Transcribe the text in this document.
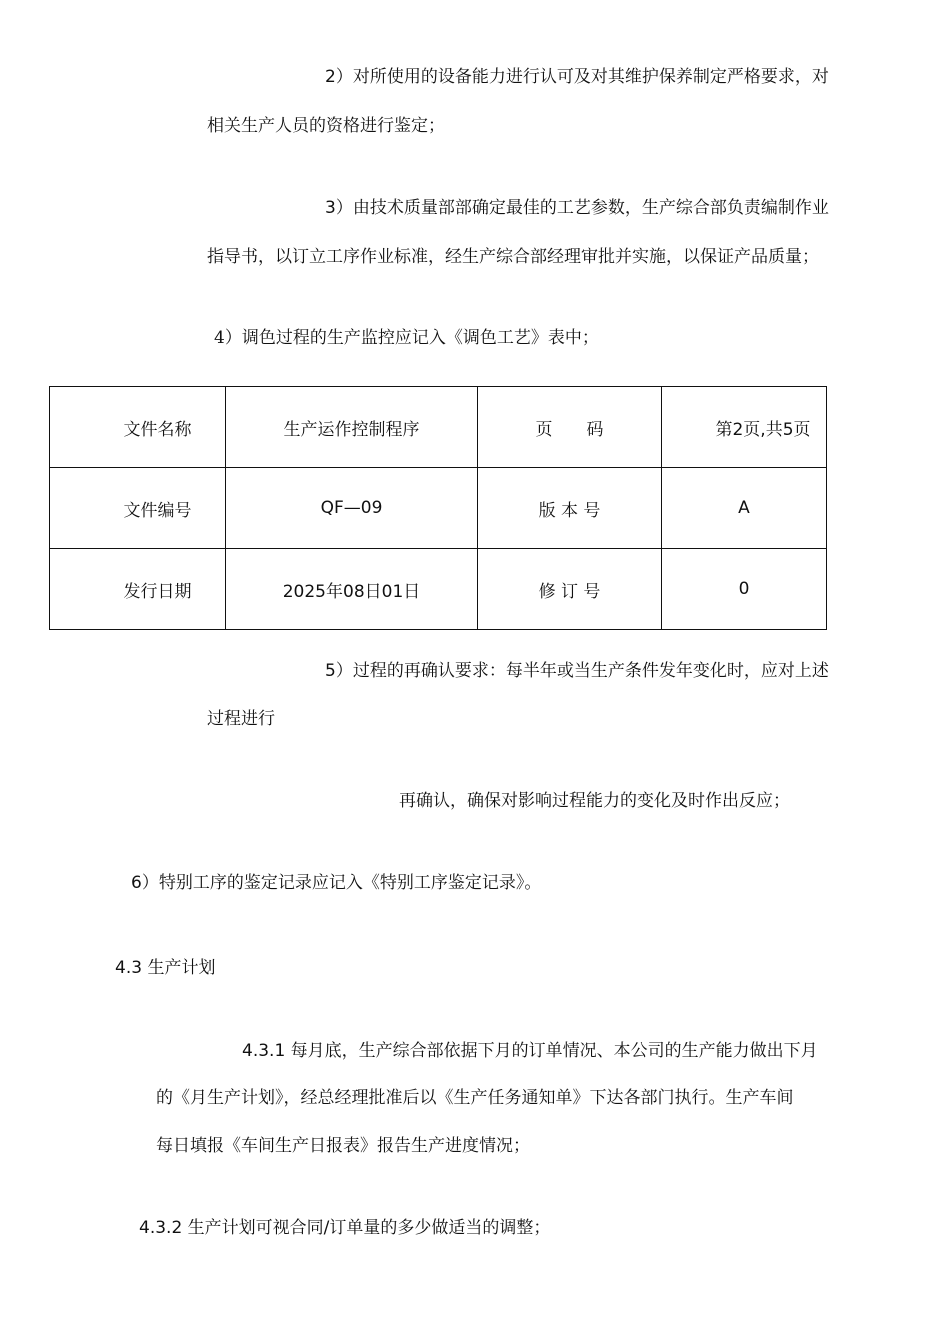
2）对所使用的设备能力进行认可及对其维护保养制定严格要求，对
相关生产人员的资格进行鉴定；
3）由技术质量部部确定最佳的工艺参数，生产综合部负责编制作业
指导书，以订立工序作业标准，经生产综合部经理审批并实施，以保证产品质量；
4）调色过程的生产监控应记入《调色工艺》表中；
文件名称	生产运作控制程序	页　　码	第2页,共5页
文件编号	QF—09	版 本 号	A
发行日期	2025年08日01日	修 订 号	0
5）过程的再确认要求：每半年或当生产条件发年变化时，应对上述
过程进行
再确认，确保对影响过程能力的变化及时作出反应；
6）特别工序的鉴定记录应记入《特别工序鉴定记录》。
4.3 生产计划
4.3.1 每月底，生产综合部依据下月的订单情况、本公司的生产能力做出下月
的《月生产计划》，经总经理批准后以《生产任务通知单》下达各部门执行。生产车间
每日填报《车间生产日报表》报告生产进度情况；
4.3.2 生产计划可视合同/订单量的多少做适当的调整；
